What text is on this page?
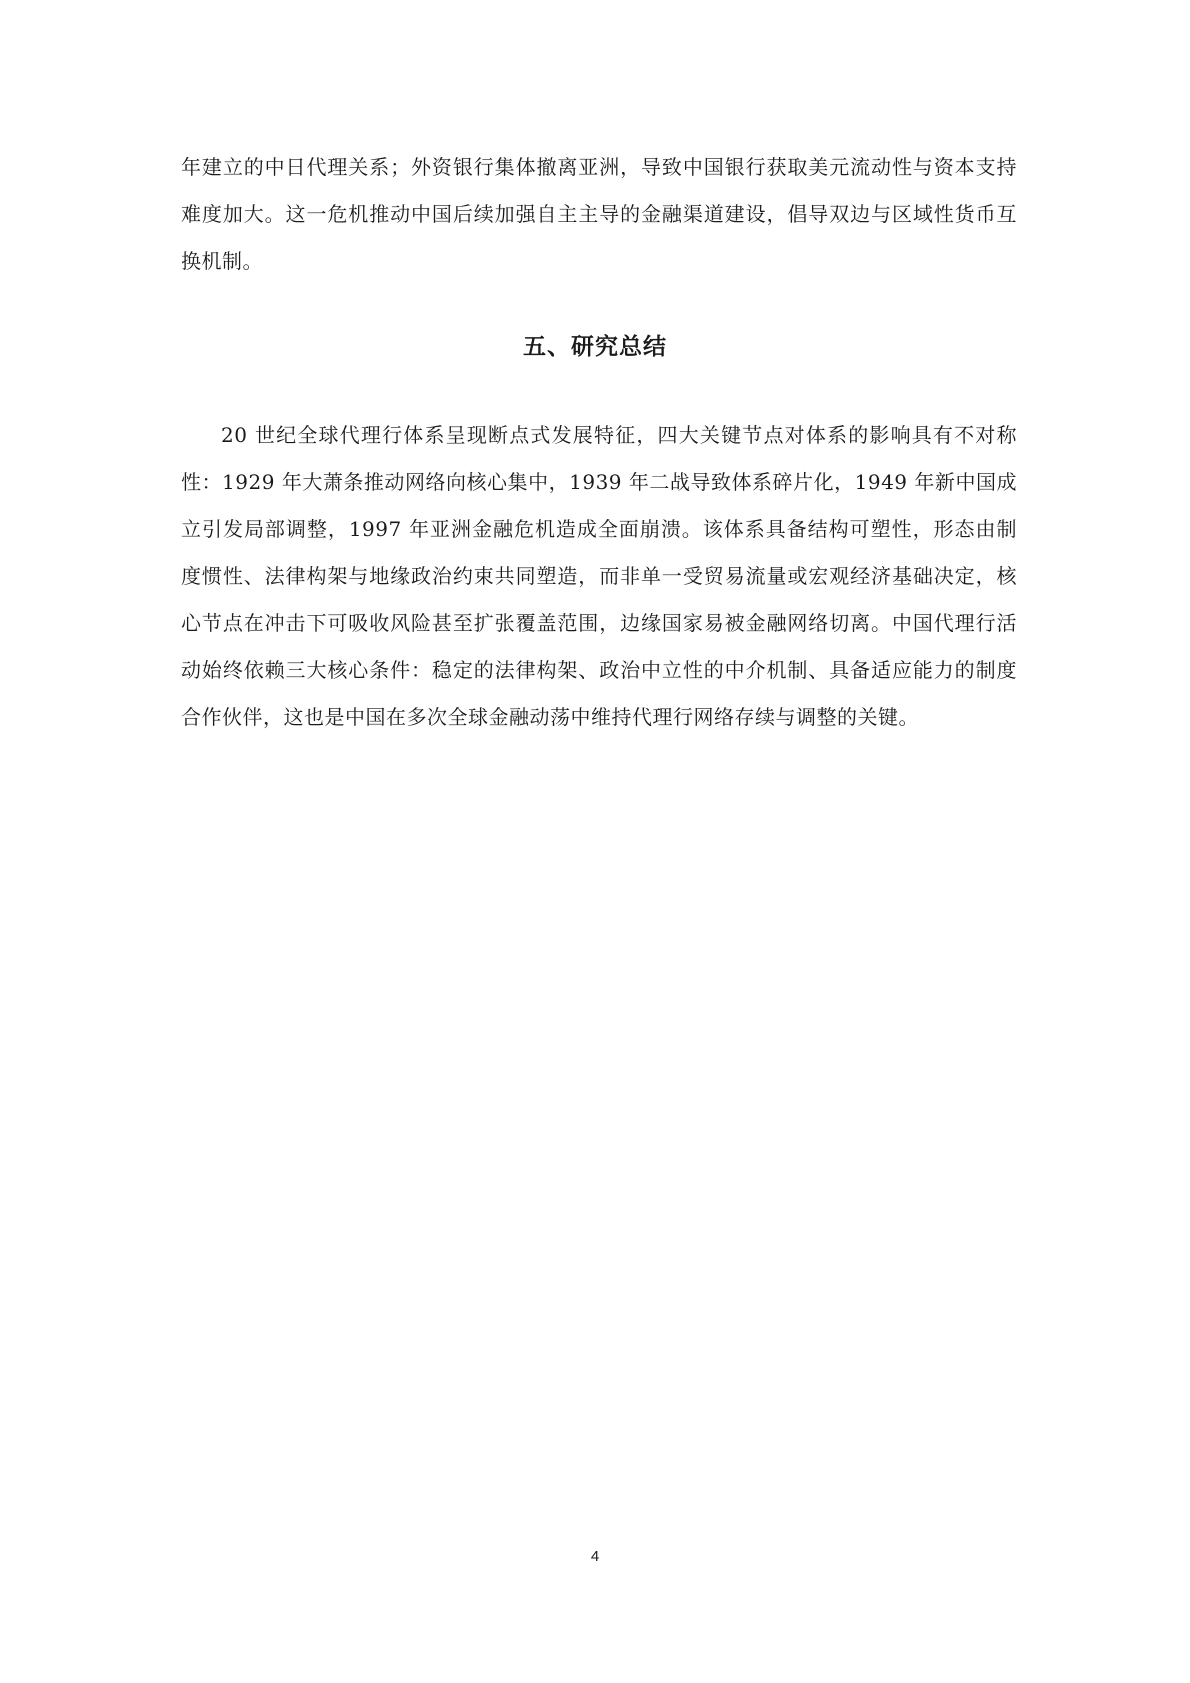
年建立的中日代理关系；外资银行集体撤离亚洲，导致中国银行获取美元流动性与资本支持难度加大。这一危机推动中国后续加强自主主导的金融渠道建设，倡导双边与区域性货币互换机制。

五、研究总结

20 世纪全球代理行体系呈现断点式发展特征，四大关键节点对体系的影响具有不对称性：1929 年大萧条推动网络向核心集中，1939 年二战导致体系碎片化，1949 年新中国成立引发局部调整，1997 年亚洲金融危机造成全面崩溃。该体系具备结构可塑性，形态由制度惯性、法律构架与地缘政治约束共同塑造，而非单一受贸易流量或宏观经济基础决定，核心节点在冲击下可吸收风险甚至扩张覆盖范围，边缘国家易被金融网络切离。中国代理行活动始终依赖三大核心条件：稳定的法律构架、政治中立性的中介机制、具备适应能力的制度合作伙伴，这也是中国在多次全球金融动荡中维持代理行网络存续与调整的关键。

4
